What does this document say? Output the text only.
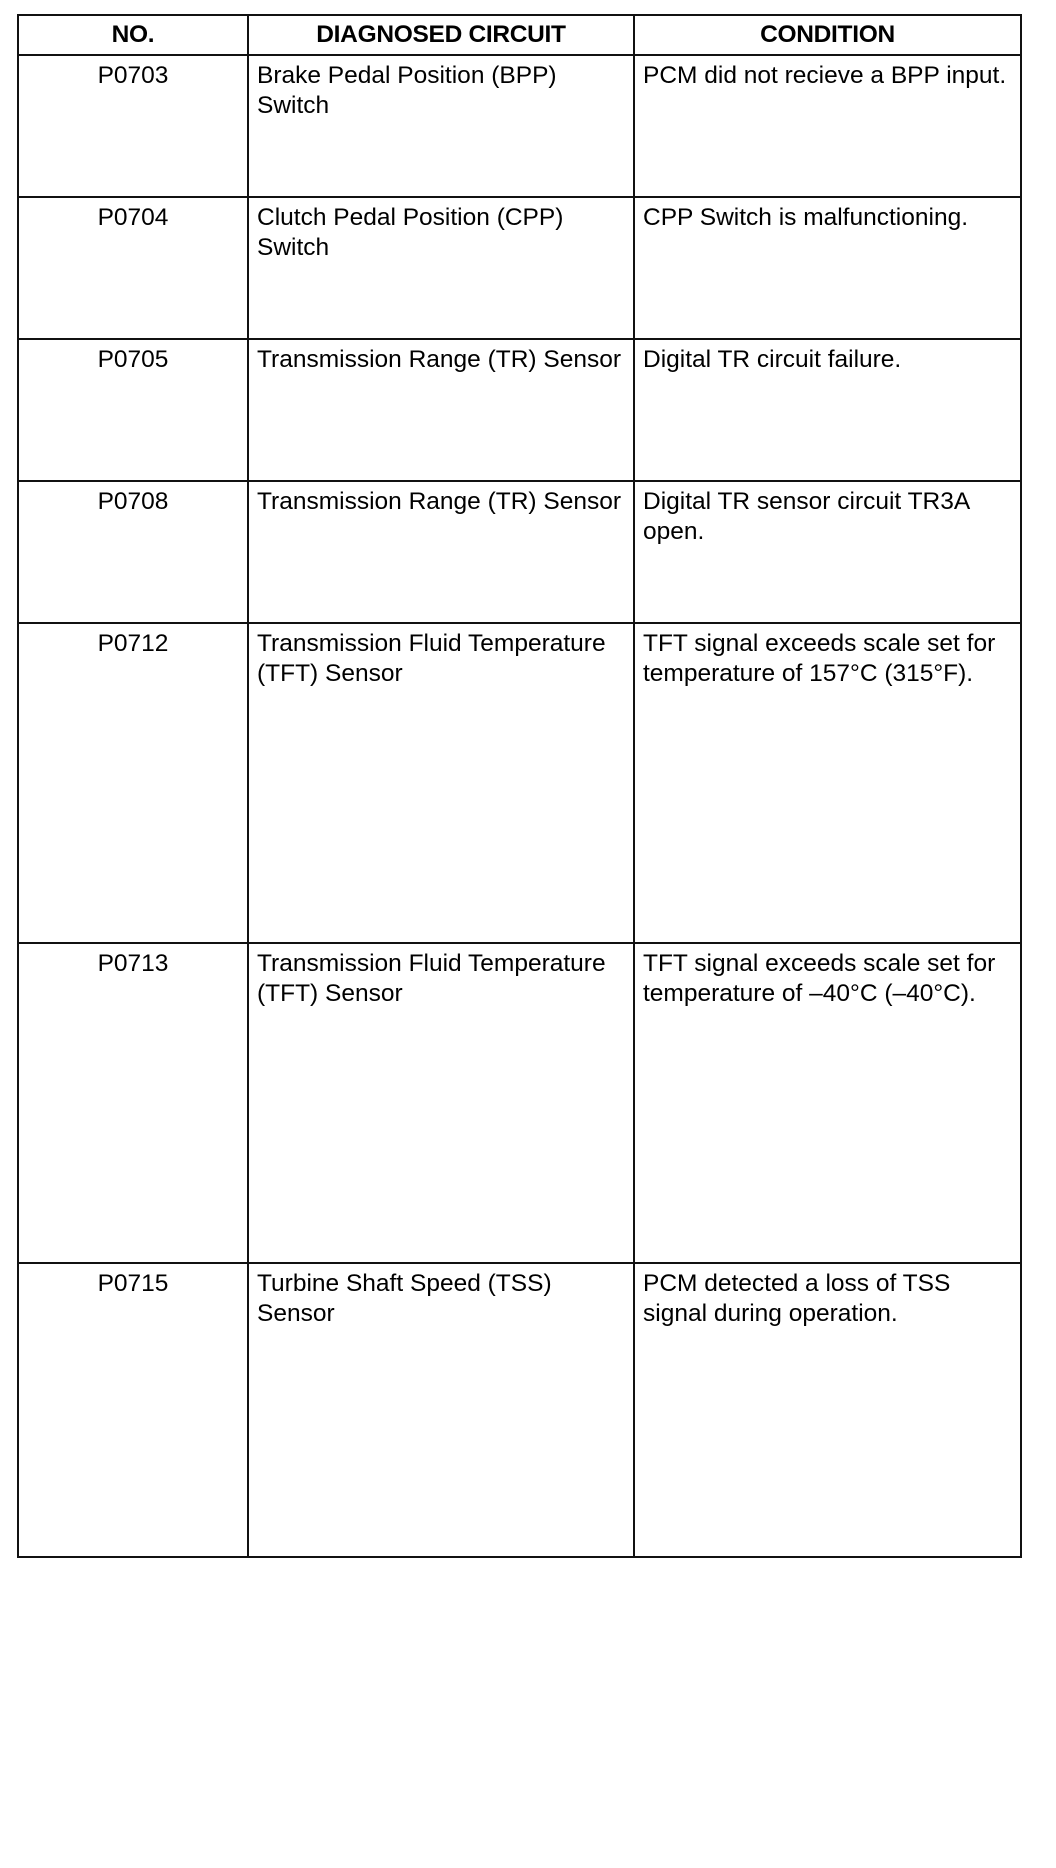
NO.	DIAGNOSED CIRCUIT	CONDITION
P0703	Brake Pedal Position (BPP) Switch	PCM did not recieve a BPP input.
P0704	Clutch Pedal Position (CPP) Switch	CPP Switch is malfunctioning.
P0705	Transmission Range (TR) Sensor	Digital TR circuit failure.
P0708	Transmission Range (TR) Sensor	Digital TR sensor circuit TR3A open.
P0712	Transmission Fluid Temperature (TFT) Sensor	TFT signal exceeds scale set for temperature of 157°C (315°F).
P0713	Transmission Fluid Temperature (TFT) Sensor	TFT signal exceeds scale set for temperature of –40°C (–40°C).
P0715	Turbine Shaft Speed (TSS) Sensor	PCM detected a loss of TSS signal during operation.
